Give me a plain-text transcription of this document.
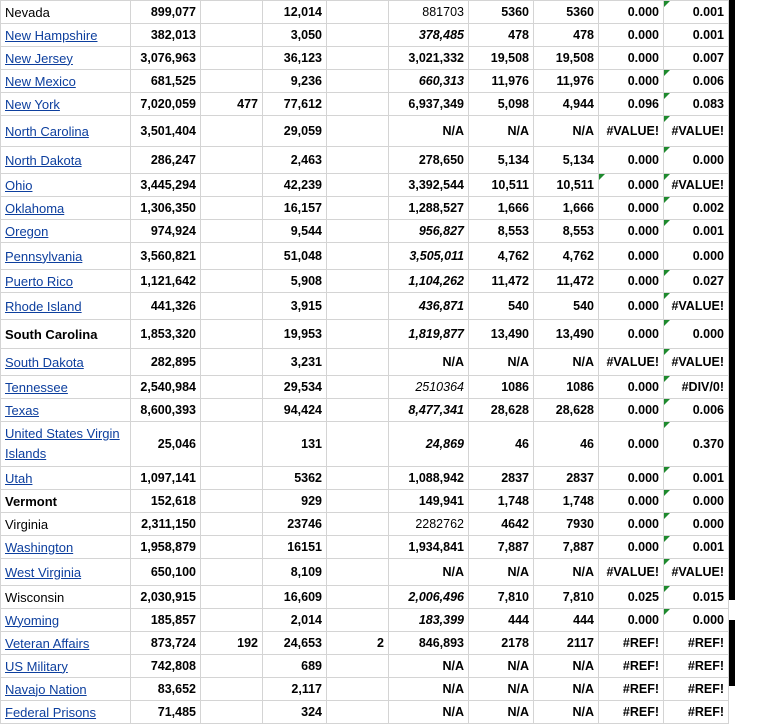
Nevada	899,077		12,014		881703	5360	5360	0.000	0.001
New Hampshire	382,013		3,050		378,485	478	478	0.000	0.001
New Jersey	3,076,963		36,123		3,021,332	19,508	19,508	0.000	0.007
New Mexico	681,525		9,236		660,313	11,976	11,976	0.000	0.006
New York	7,020,059	477	77,612		6,937,349	5,098	4,944	0.096	0.083
North Carolina	3,501,404		29,059		N/A	N/A	N/A	#VALUE!	#VALUE!
North Dakota	286,247		2,463		278,650	5,134	5,134	0.000	0.000
Ohio	3,445,294		42,239		3,392,544	10,511	10,511	0.000	#VALUE!
Oklahoma	1,306,350		16,157		1,288,527	1,666	1,666	0.000	0.002
Oregon	974,924		9,544		956,827	8,553	8,553	0.000	0.001
Pennsylvania	3,560,821		51,048		3,505,011	4,762	4,762	0.000	0.000
Puerto Rico	1,121,642		5,908		1,104,262	11,472	11,472	0.000	0.027
Rhode Island	441,326		3,915		436,871	540	540	0.000	#VALUE!
South Carolina	1,853,320		19,953		1,819,877	13,490	13,490	0.000	0.000
South Dakota	282,895		3,231		N/A	N/A	N/A	#VALUE!	#VALUE!
Tennessee	2,540,984		29,534		2510364	1086	1086	0.000	#DIV/0!
Texas	8,600,393		94,424		8,477,341	28,628	28,628	0.000	0.006
United States Virgin Islands	25,046		131		24,869	46	46	0.000	0.370
Utah	1,097,141		5362		1,088,942	2837	2837	0.000	0.001
Vermont	152,618		929		149,941	1,748	1,748	0.000	0.000
Virginia	2,311,150		23746		2282762	4642	7930	0.000	0.000
Washington	1,958,879		16151		1,934,841	7,887	7,887	0.000	0.001
West Virginia	650,100		8,109		N/A	N/A	N/A	#VALUE!	#VALUE!
Wisconsin	2,030,915		16,609		2,006,496	7,810	7,810	0.025	0.015
Wyoming	185,857		2,014		183,399	444	444	0.000	0.000
Veteran Affairs	873,724	192	24,653	2	846,893	2178	2117	#REF!	#REF!
US Military	742,808		689		N/A	N/A	N/A	#REF!	#REF!
Navajo Nation	83,652		2,117		N/A	N/A	N/A	#REF!	#REF!
Federal Prisons	71,485		324		N/A	N/A	N/A	#REF!	#REF!
